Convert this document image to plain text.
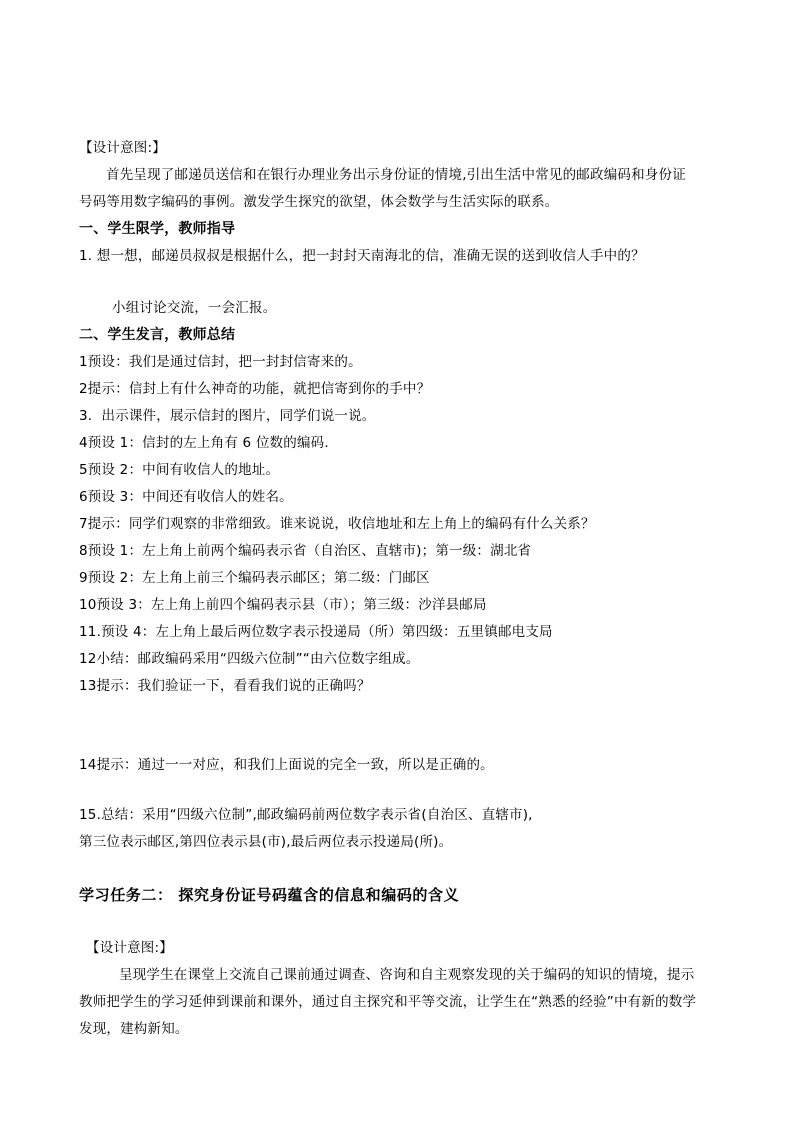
【设计意图:】
首先呈现了邮递员送信和在银行办理业务出示身份证的情境,引出生活中常见的邮政编码和身份证
号码等用数字编码的事例。激发学生探究的欲望，体会数学与生活实际的联系。
一、学生限学，教师指导
1. 想一想，邮递员叔叔是根据什么，把一封封天南海北的信，准确无误的送到收信人手中的？
小组讨论交流，一会汇报。
二、学生发言，教师总结
1预设：我们是通过信封，把一封封信寄来的。
2提示：信封上有什么神奇的功能，就把信寄到你的手中？
3．出示课件，展示信封的图片，同学们说一说。
4预设 1：信封的左上角有 6 位数的编码.
5预设 2：中间有收信人的地址。
6预设 3：中间还有收信人的姓名。
7提示：同学们观察的非常细致。谁来说说，收信地址和左上角上的编码有什么关系？
8预设 1：左上角上前两个编码表示省（自治区、直辖市)；第一级：湖北省
9预设 2：左上角上前三个编码表示邮区；第二级：门邮区
10预设 3：左上角上前四个编码表示县（市）；第三级：沙洋县邮局
11.预设 4：左上角上最后两位数字表示投递局（所）第四级：五里镇邮电支局
12小结：邮政编码采用“四级六位制”“由六位数字组成。
13提示：我们验证一下，看看我们说的正确吗？
14提示：通过一一对应，和我们上面说的完全一致，所以是正确的。
15.总结：采用“四级六位制”,邮政编码前两位数字表示省(自治区、直辖市),
第三位表示邮区,第四位表示县(市),最后两位表示投递局(所)。
学习任务二： 探究身份证号码蕴含的信息和编码的含义
【设计意图:】
呈现学生在课堂上交流自己课前通过调查、咨询和自主观察发现的关于编码的知识的情境，提示
教师把学生的学习延伸到课前和课外，通过自主探究和平等交流，让学生在“熟悉的经验”中有新的数学
发现，建构新知。
